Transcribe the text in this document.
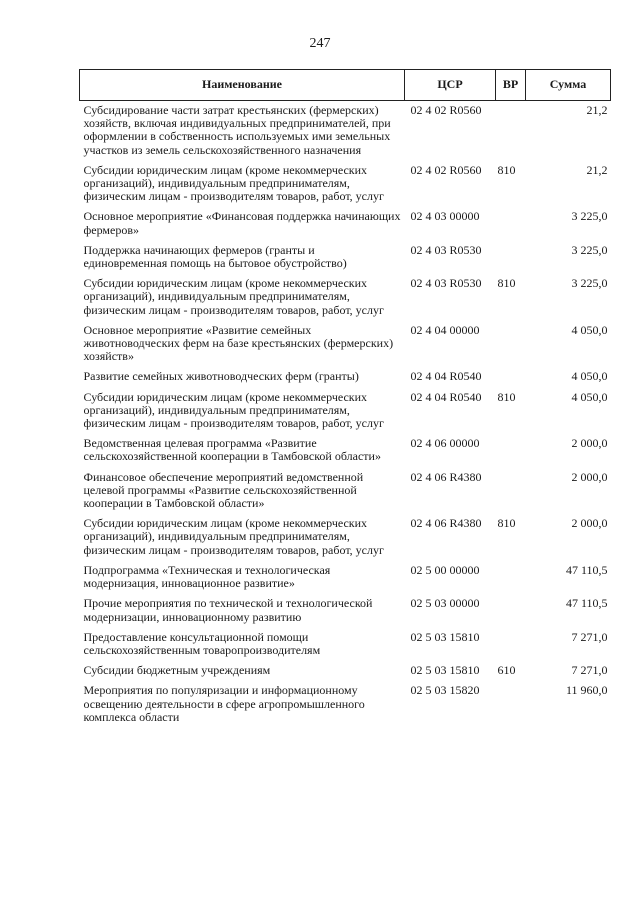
247
Наименование	ЦСР	ВР	Сумма
Субсидирование части затрат крестьянских (фермерских) хозяйств, включая индивидуальных предпринимателей, при оформлении в собственность используемых ими земельных участков из земель сельскохозяйственного назначения	02 4 02 R0560		21,2
Субсидии юридическим лицам (кроме некоммерческих организаций), индивидуальным предпринимателям, физическим лицам - производителям товаров, работ, услуг	02 4 02 R0560	810	21,2
Основное мероприятие «Финансовая поддержка начинающих фермеров»	02 4 03 00000		3 225,0
Поддержка начинающих фермеров (гранты и единовременная помощь на бытовое обустройство)	02 4 03 R0530		3 225,0
Субсидии юридическим лицам (кроме некоммерческих организаций), индивидуальным предпринимателям, физическим лицам - производителям товаров, работ, услуг	02 4 03 R0530	810	3 225,0
Основное мероприятие «Развитие семейных животноводческих ферм на базе крестьянских (фермерских) хозяйств»	02 4 04 00000		4 050,0
Развитие семейных животноводческих ферм (гранты)	02 4 04 R0540		4 050,0
Субсидии юридическим лицам (кроме некоммерческих организаций), индивидуальным предпринимателям, физическим лицам - производителям товаров, работ, услуг	02 4 04 R0540	810	4 050,0
Ведомственная целевая программа «Развитие сельскохозяйственной кооперации в Тамбовской области»	02 4 06 00000		2 000,0
Финансовое обеспечение мероприятий ведомственной целевой программы «Развитие сельскохозяйственной кооперации в Тамбовской области»	02 4 06 R4380		2 000,0
Субсидии юридическим лицам (кроме некоммерческих организаций), индивидуальным предпринимателям, физическим лицам - производителям товаров, работ, услуг	02 4 06 R4380	810	2 000,0
Подпрограмма «Техническая и технологическая модернизация, инновационное развитие»	02 5 00 00000		47 110,5
Прочие мероприятия по технической и технологической модернизации, инновационному развитию	02 5 03 00000		47 110,5
Предоставление консультационной помощи сельскохозяйственным товаропроизводителям	02 5 03 15810		7 271,0
Субсидии бюджетным учреждениям	02 5 03 15810	610	7 271,0
Мероприятия по популяризации и информационному освещению деятельности в сфере агропромышленного комплекса области	02 5 03 15820		11 960,0
